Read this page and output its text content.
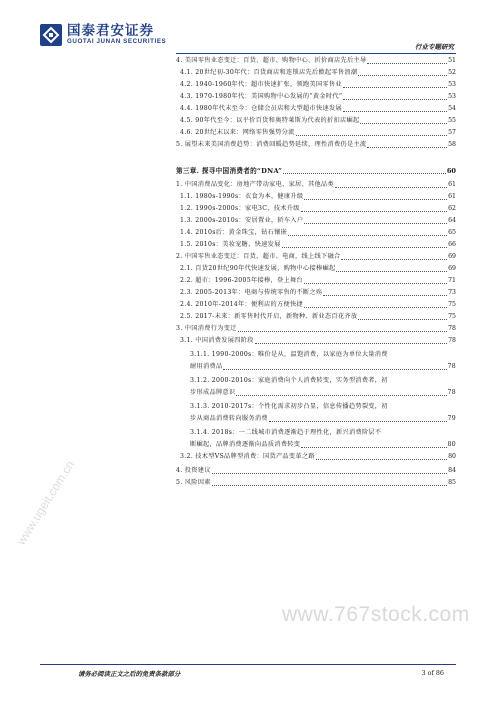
国泰君安证券
GUOTAI JUNAN SECURITIES
行业专题研究
4. 美国零售业态变迁：百货、超市、购物中心、折价商店先后主导	51
4.1. 20世纪初-30年代：百货商店和连锁店先后掀起零售浪潮	52
4.2. 1940-1960年代：超市快速扩张，领跑美国零售业	53
4.3. 1970-1980年代：美国购物中心发展的“黄金时代”	53
4.4. 1980年代末至今：仓储会员店和大型超市快速发展	54
4.5. 90年代至今：以平价百货和奥特莱斯为代表的折扣店崛起	55
4.6. 20世纪末以来：网络零售强势分流	57
5. 展望未来美国消费趋势：消费回暖趋势延续，理性消费仍是主流	58
第三章. 探寻中国消费者的“DNA”	60
1. 中国消费品变化：房地产带动家电、家居、其他品类	61
1.1. 1980s-1990s：衣食为本，健康升级	61
1.2. 1990s-2000s：家电3C，技术升级	62
1.3. 2000s-2010s：安居置业，轿车入户	64
1.4. 2010s后：黄金珠宝，钻石镶嵌	65
1.5. 2010s：美妆宠糖，快速发展	66
2. 中国零售业态变迁：百货、超市、电商，线上线下融合	69
2.1. 百货20世纪90年代快速发展，购物中心接棒崛起	69
2.2. 超市：1996-2005年接棒，登上舞台	71
2.3. 2005-2013年：电商与传统零售的不断之殇	73
2.4. 2010年-2014年：便利店的方便快捷	75
2.5. 2017-未来：新零售时代开启，新物种、新业态百花齐放	75
3. 中国消费行为变迁	78
3.1. 中国消费发展四阶段	78
3.1.1. 1990-2000s：唯价是从，温饱消费，以家庭为单位大量消费
耐用消费品	78
3.1.2. 2000-2010s：家庭消费向个人消费转变，实务型消费者，初
步形成品牌意识	78
3.1.3. 2010-2017s：个性化需求初步凸显，信息传播趋势裂变，初
步从商品消费转向服务消费	79
3.1.4. 2018s：一二线城市消费逐渐趋于理性化，新兴消费阶层不
断崛起，品牌消费逐渐向品质消费转变	80
3.2. 技术型VS品牌型消费：国货产品变革之路	80
4. 投资建议	84
5. 风险因素	85
www.ugeit.com.cn
www.767stock.com
请务必阅读正文之后的免责条款部分	3 of 86
